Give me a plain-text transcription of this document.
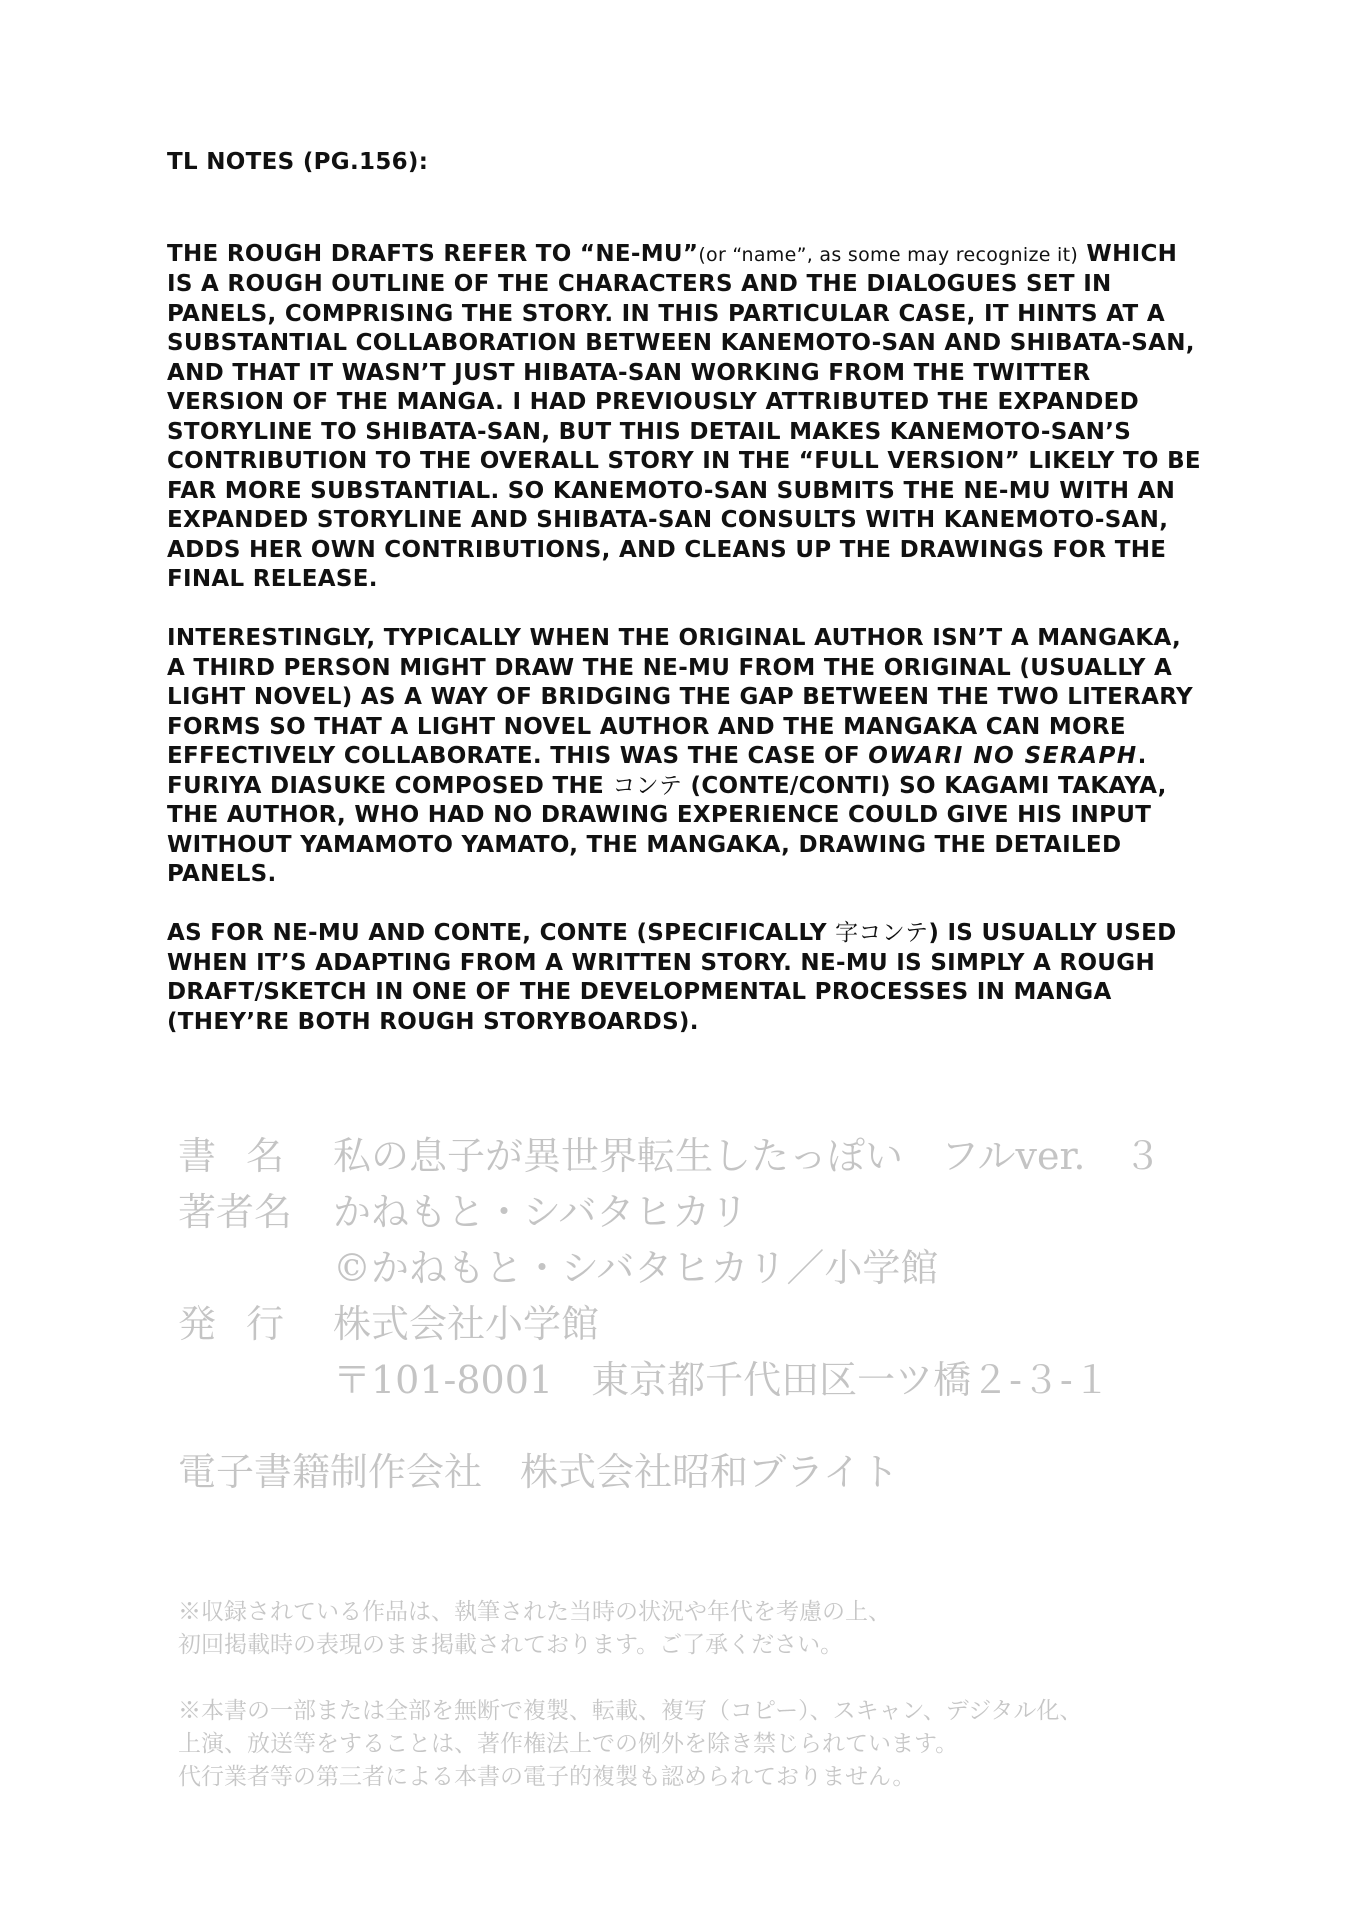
TL NOTES (PG.156):

THE ROUGH DRAFTS REFER TO “NE-MU”(or “name”, as some may recognize it) WHICH IS A ROUGH OUTLINE OF THE CHARACTERS AND THE DIALOGUES SET IN PANELS, COMPRISING THE STORY. IN THIS PARTICULAR CASE, IT HINTS AT A SUBSTANTIAL COLLABORATION BETWEEN KANEMOTO-SAN AND SHIBATA-SAN, AND THAT IT WASN’T JUST HIBATA-SAN WORKING FROM THE TWITTER VERSION OF THE MANGA. I HAD PREVIOUSLY ATTRIBUTED THE EXPANDED STORYLINE TO SHIBATA-SAN, BUT THIS DETAIL MAKES KANEMOTO-SAN’S CONTRIBUTION TO THE OVERALL STORY IN THE “FULL VERSION” LIKELY TO BE FAR MORE SUBSTANTIAL. SO KANEMOTO-SAN SUBMITS THE NE-MU WITH AN EXPANDED STORYLINE AND SHIBATA-SAN CONSULTS WITH KANEMOTO-SAN, ADDS HER OWN CONTRIBUTIONS, AND CLEANS UP THE DRAWINGS FOR THE FINAL RELEASE.

INTERESTINGLY, TYPICALLY WHEN THE ORIGINAL AUTHOR ISN’T A MANGAKA, A THIRD PERSON MIGHT DRAW THE NE-MU FROM THE ORIGINAL (USUALLY A LIGHT NOVEL) AS A WAY OF BRIDGING THE GAP BETWEEN THE TWO LITERARY FORMS SO THAT A LIGHT NOVEL AUTHOR AND THE MANGAKA CAN MORE EFFECTIVELY COLLABORATE. THIS WAS THE CASE OF OWARI NO SERAPH. FURIYA DIASUKE COMPOSED THE コンテ (CONTE/CONTI) SO KAGAMI TAKAYA, THE AUTHOR, WHO HAD NO DRAWING EXPERIENCE COULD GIVE HIS INPUT WITHOUT YAMAMOTO YAMATO, THE MANGAKA, DRAWING THE DETAILED PANELS.

AS FOR NE-MU AND CONTE, CONTE (SPECIFICALLY 字コンテ) IS USUALLY USED WHEN IT’S ADAPTING FROM A WRITTEN STORY. NE-MU IS SIMPLY A ROUGH DRAFT/SKETCH IN ONE OF THE DEVELOPMENTAL PROCESSES IN MANGA (THEY’RE BOTH ROUGH STORYBOARDS).

書名 私の息子が異世界転生したっぽい　フルver.　３
著者名	かねもと・シバタヒカリ
©かねもと・シバタヒカリ／小学館
発行 株式会社小学館
〒101‐8001　東京都千代田区一ツ橋２‐３‐１
電子書籍制作会社　株式会社昭和ブライト
※収録されている作品は、執筆された当時の状況や年代を考慮の上、
初回掲載時の表現のまま掲載されております。ご了承ください。
※本書の一部または全部を無断で複製、転載、複写（コピー）、スキャン、デジタル化、
上演、放送等をすることは、著作権法上での例外を除き禁じられています。
代行業者等の第三者による本書の電子的複製も認められておりません。
